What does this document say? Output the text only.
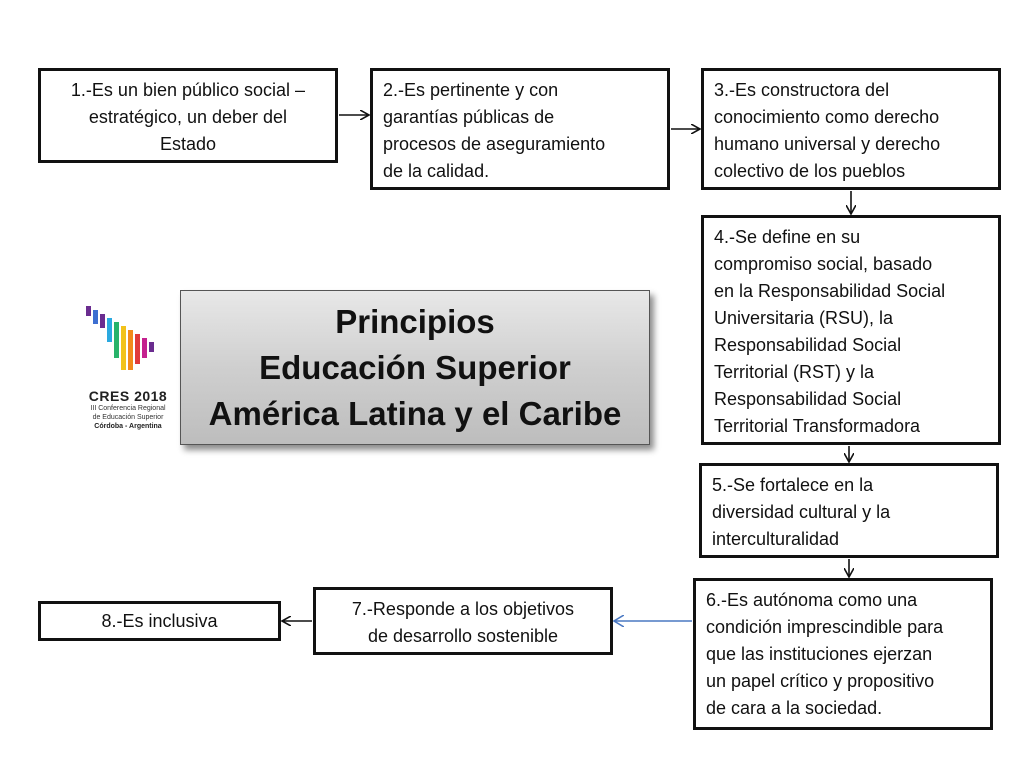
1.-Es un bien público social –
estratégico, un deber del
Estado
2.-Es pertinente y con
garantías públicas de
procesos de aseguramiento
de la calidad.
3.-Es constructora del
conocimiento como derecho
humano universal y derecho
colectivo de los pueblos
4.-Se define en su
compromiso social, basado
en la Responsabilidad Social
Universitaria (RSU), la
Responsabilidad Social
Territorial (RST) y la
Responsabilidad Social
Territorial Transformadora
5.-Se fortalece en la
diversidad cultural y la
interculturalidad
6.-Es autónoma como una
condición imprescindible para
que las instituciones ejerzan
un papel crítico y propositivo
de cara a la sociedad.
7.-Responde a los objetivos
de desarrollo sostenible
8.-Es inclusiva
Principios
Educación Superior
América Latina y el Caribe
CRES 2018
III Conferencia Regional
de Educación Superior
Córdoba - Argentina
